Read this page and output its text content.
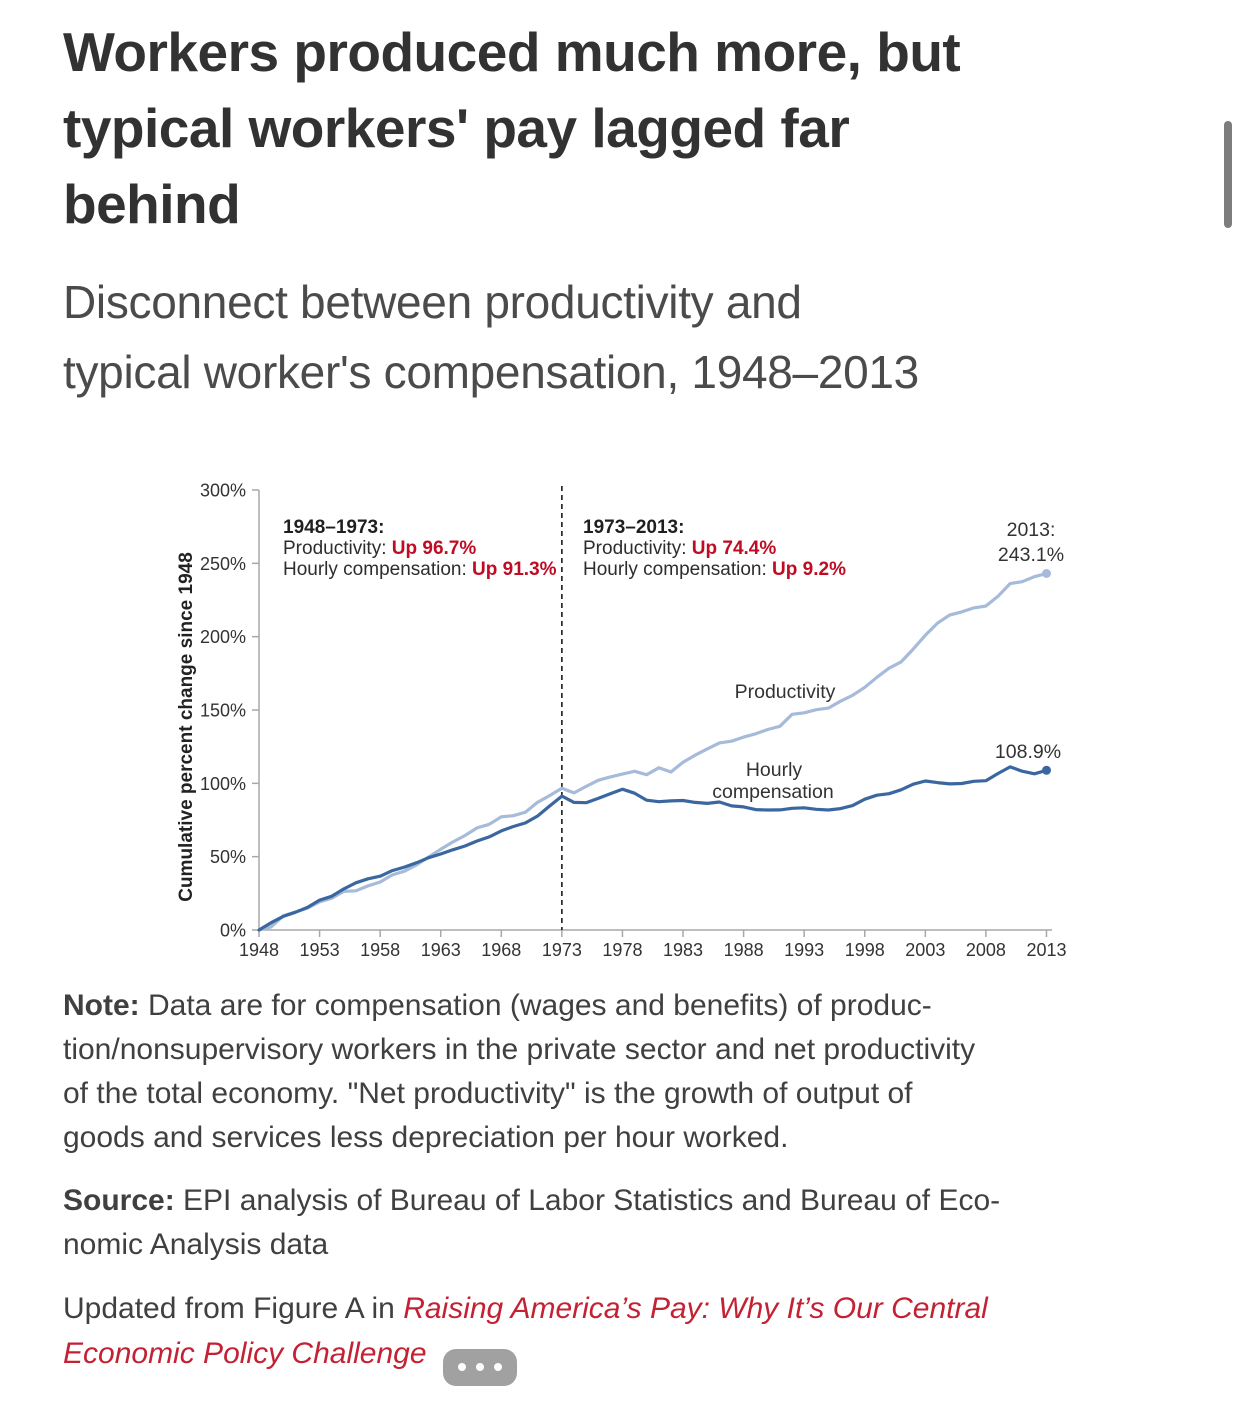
Workers produced much more, but
typical workers' pay lagged far
behind
Disconnect between productivity and
typical worker's compensation, 1948–2013
0%
50%
100%
150%
200%
250%
300%
1948 1953 1958 1963 1968 1973 1978 1983 1988 1993 1998 2003 2008 2013
Cumulative percent change since 1948
1948–1973:
Productivity: Up 96.7%
Hourly compensation: Up 91.3%
1973–2013:
Productivity: Up 74.4%
Hourly compensation: Up 9.2%
2013:
243.1%
108.9%
Productivity
Hourly
compensation

Note: Data are for compensation (wages and benefits) of produc-
tion/nonsupervisory workers in the private sector and net productivity
of the total economy. "Net productivity" is the growth of output of
goods and services less depreciation per hour worked.

Source: EPI analysis of Bureau of Labor Statistics and Bureau of Eco-
nomic Analysis data

Updated from Figure A in Raising America’s Pay: Why It’s Our Central
Economic Policy Challenge
